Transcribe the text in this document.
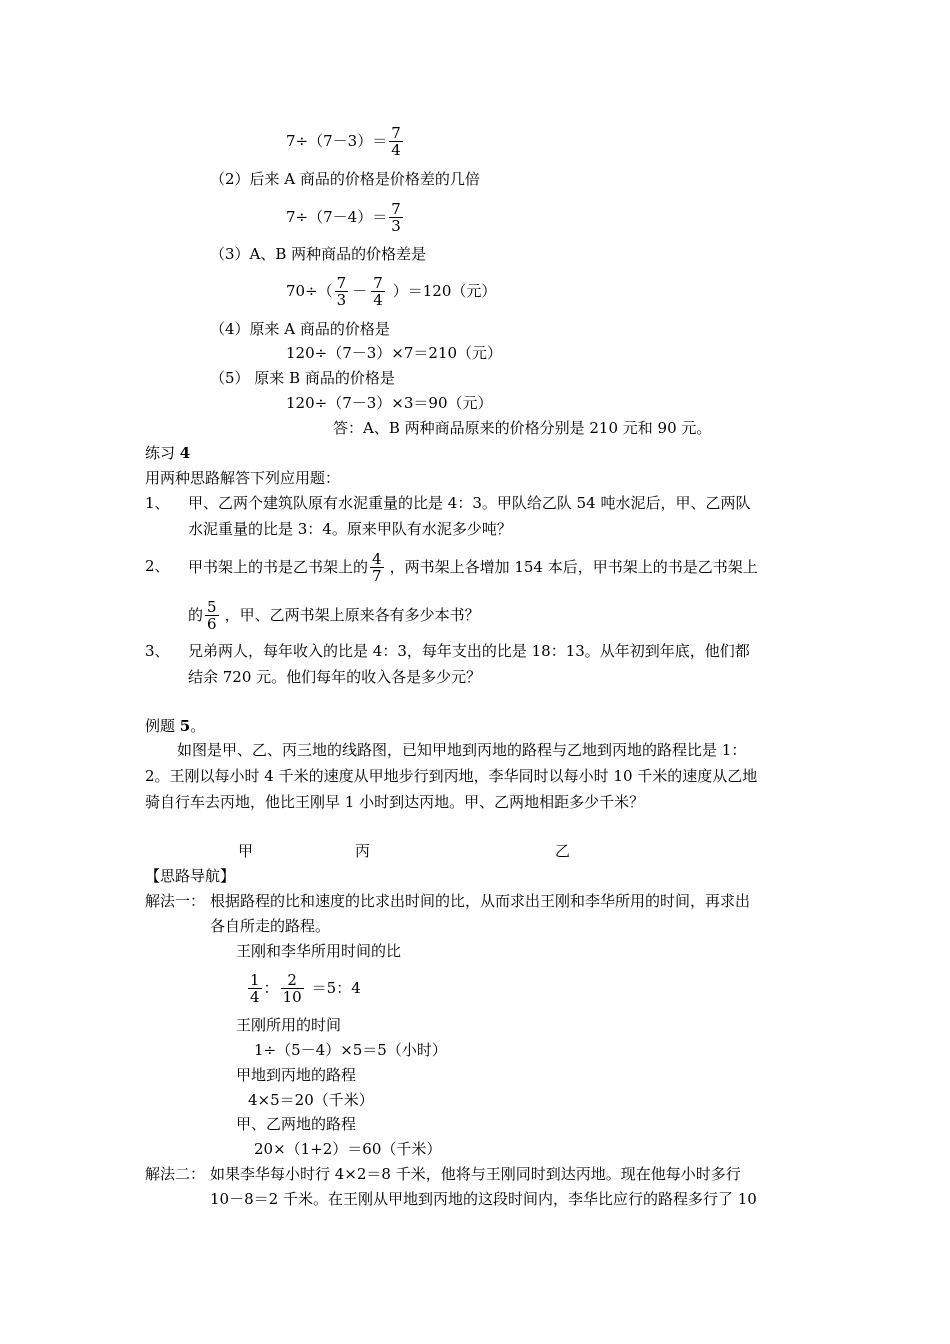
$7\div(7-3)= \frac{7}{4}$
（2）后来 A 商品的价格是价格差的几倍
$7\div(7-4)= \frac{7}{3}$
（3）A、B 两种商品的价格差是
$70\div( \frac{7}{3} - \frac{7}{4} )=120$（元）
（4）原来 A 商品的价格是
120÷（7－3）×7＝210（元）
（5） 原来 B 商品的价格是
120÷（7－3）×3＝90（元）
答：A、B 两种商品原来的价格分别是 210 元和 90 元。
练习 4
用两种思路解答下列应用题：
1、 甲、乙两个建筑队原有水泥重量的比是 4：3。甲队给乙队 54 吨水泥后，甲、乙两队
水泥重量的比是 3：4。原来甲队有水泥多少吨？
2、 甲书架上的书是乙书架上的 $\frac{4}{7}$ ，两书架上各增加 154 本后，甲书架上的书是乙书架上
的 $\frac{5}{6}$ ，甲、乙两书架上原来各有多少本书？
3、 兄弟两人，每年收入的比是 4：3，每年支出的比是 18：13。从年初到年底，他们都
结余 720 元。他们每年的收入各是多少元？
例题 5。
如图是甲、乙、丙三地的线路图，已知甲地到丙地的路程与乙地到丙地的路程比是 1：
2。王刚以每小时 4 千米的速度从甲地步行到丙地，李华同时以每小时 10 千米的速度从乙地
骑自行车去丙地，他比王刚早 1 小时到达丙地。甲、乙两地相距多少千米？
甲	丙	乙
【思路导航】
解法一： 根据路程的比和速度的比求出时间的比，从而求出王刚和李华所用的时间，再求出
各自所走的路程。
王刚和李华所用时间的比
$\frac{1}{4}$ ： $\frac{2}{10} =5$：4
王刚所用的时间
1÷（5－4）×5＝5（小时）
甲地到丙地的路程
4×5＝20（千米）
甲、乙两地的路程
20×（1+2）＝60（千米）
解法二： 如果李华每小时行 4×2＝8 千米，他将与王刚同时到达丙地。现在他每小时多行
10－8＝2 千米。在王刚从甲地到丙地的这段时间内，李华比应行的路程多行了 10
